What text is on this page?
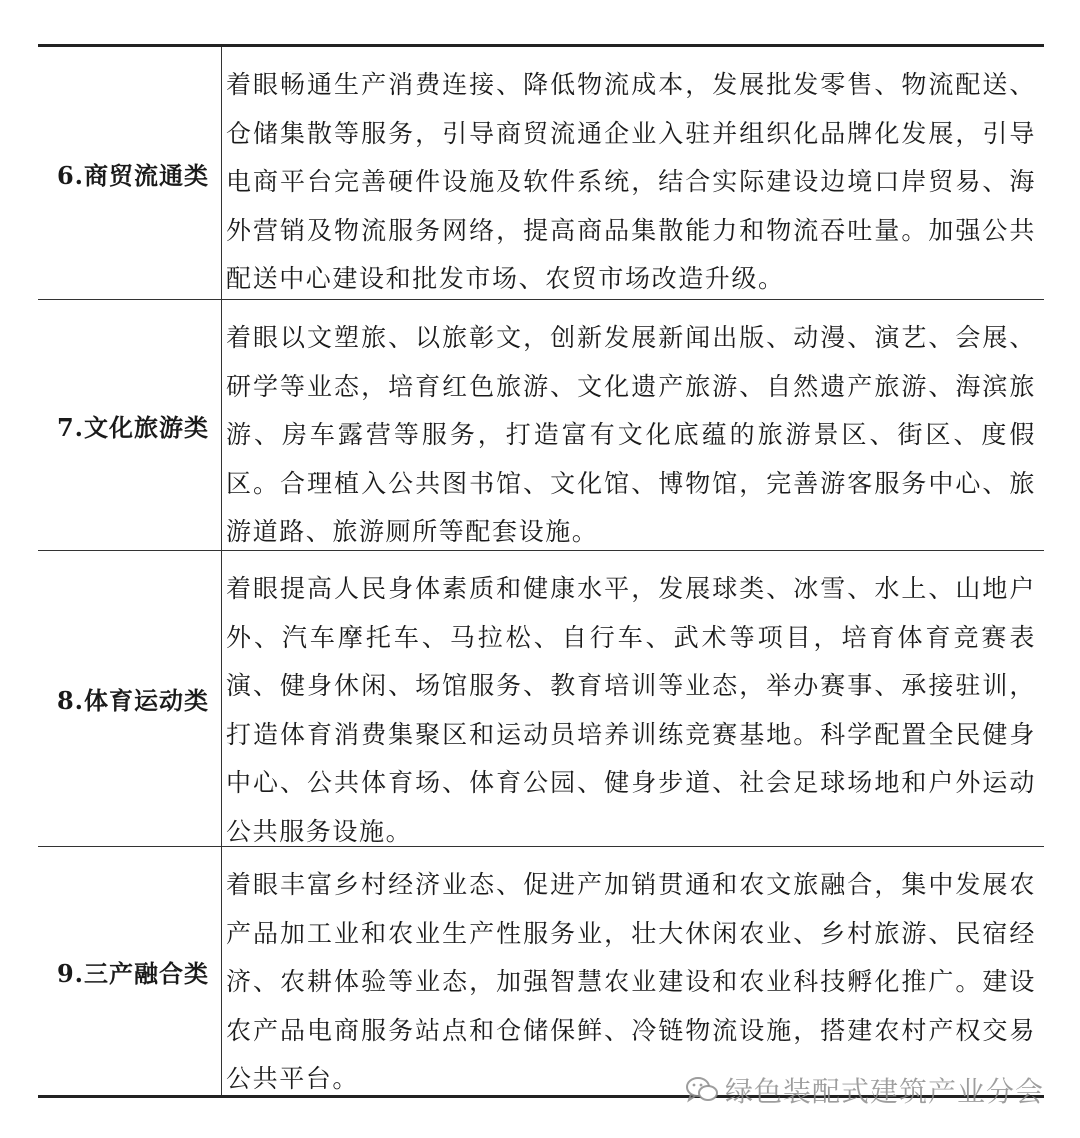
6.商贸流通类
着眼畅通生产消费连接、降低物流成本，发展批发零售、物流配送、仓储集散等服务，引导商贸流通企业入驻并组织化品牌化发展，引导电商平台完善硬件设施及软件系统，结合实际建设边境口岸贸易、海外营销及物流服务网络，提高商品集散能力和物流吞吐量。加强公共配送中心建设和批发市场、农贸市场改造升级。
7.文化旅游类
着眼以文塑旅、以旅彰文，创新发展新闻出版、动漫、演艺、会展、研学等业态，培育红色旅游、文化遗产旅游、自然遗产旅游、海滨旅游、房车露营等服务，打造富有文化底蕴的旅游景区、街区、度假区。合理植入公共图书馆、文化馆、博物馆，完善游客服务中心、旅游道路、旅游厕所等配套设施。
8.体育运动类
着眼提高人民身体素质和健康水平，发展球类、冰雪、水上、山地户外、汽车摩托车、马拉松、自行车、武术等项目，培育体育竞赛表演、健身休闲、场馆服务、教育培训等业态，举办赛事、承接驻训，打造体育消费集聚区和运动员培养训练竞赛基地。科学配置全民健身中心、公共体育场、体育公园、健身步道、社会足球场地和户外运动公共服务设施。
9.三产融合类
着眼丰富乡村经济业态、促进产加销贯通和农文旅融合，集中发展农产品加工业和农业生产性服务业，壮大休闲农业、乡村旅游、民宿经济、农耕体验等业态，加强智慧农业建设和农业科技孵化推广。建设农产品电商服务站点和仓储保鲜、冷链物流设施，搭建农村产权交易公共平台。	绿色装配式建筑产业分会
